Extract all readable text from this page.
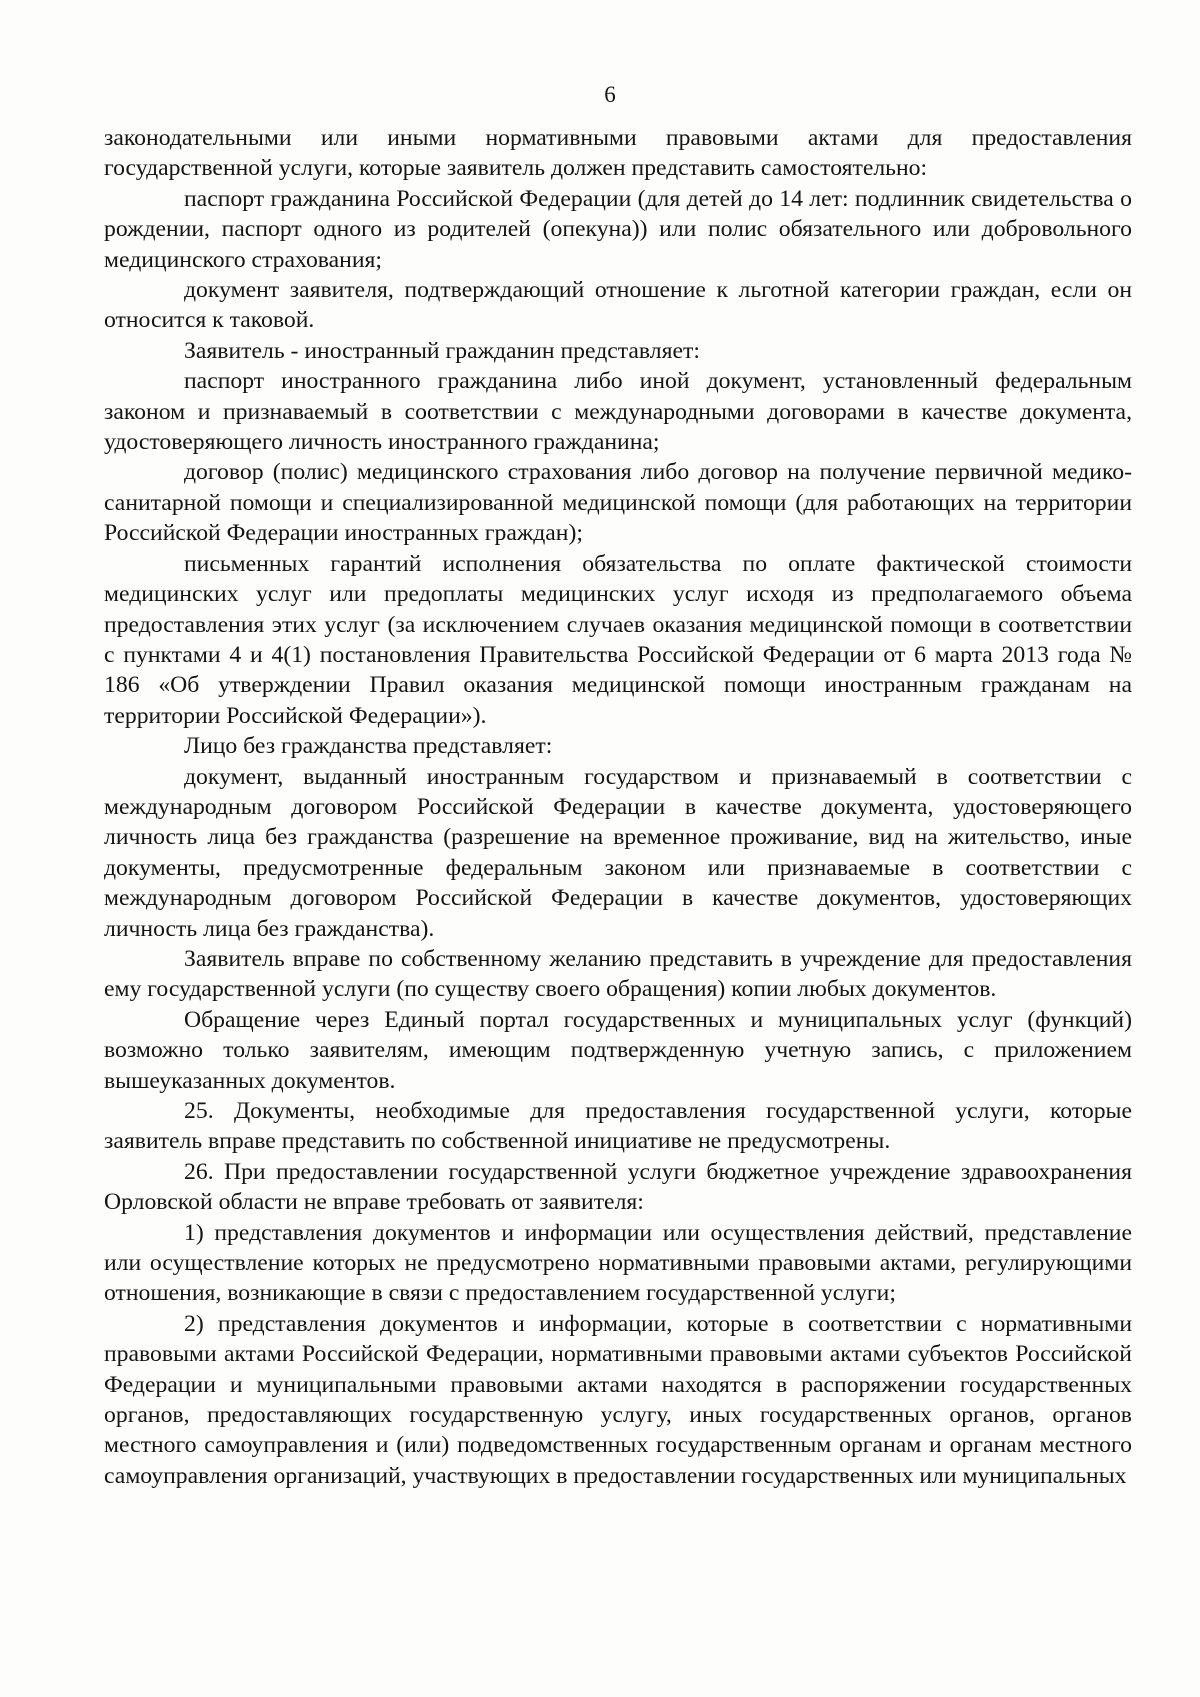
6

законодательными или иными нормативными правовыми актами для предоставления государственной услуги, которые заявитель должен представить самостоятельно:

паспорт гражданина Российской Федерации (для детей до 14 лет: подлинник свидетельства о рождении, паспорт одного из родителей (опекуна)) или полис обязательного или добровольного медицинского страхования;

документ заявителя, подтверждающий отношение к льготной категории граждан, если он относится к таковой.

Заявитель - иностранный гражданин представляет:

паспорт иностранного гражданина либо иной документ, установленный федеральным законом и признаваемый в соответствии с международными договорами в качестве документа, удостоверяющего личность иностранного гражданина;

договор (полис) медицинского страхования либо договор на получение первичной медико-санитарной помощи и специализированной медицинской помощи (для работающих на территории Российской Федерации иностранных граждан);

письменных гарантий исполнения обязательства по оплате фактической стоимости медицинских услуг или предоплаты медицинских услуг исходя из предполагаемого объема предоставления этих услуг (за исключением случаев оказания медицинской помощи в соответствии с пунктами 4 и 4(1) постановления Правительства Российской Федерации от 6 марта 2013 года № 186 «Об утверждении Правил оказания медицинской помощи иностранным гражданам на территории Российской Федерации»).

Лицо без гражданства представляет:

документ, выданный иностранным государством и признаваемый в соответствии с международным договором Российской Федерации в качестве документа, удостоверяющего личность лица без гражданства (разрешение на временное проживание, вид на жительство, иные документы, предусмотренные федеральным законом или признаваемые в соответствии с международным договором Российской Федерации в качестве документов, удостоверяющих личность лица без гражданства).

Заявитель вправе по собственному желанию представить в учреждение для предоставления ему государственной услуги (по существу своего обращения) копии любых документов.

Обращение через Единый портал государственных и муниципальных услуг (функций) возможно только заявителям, имеющим подтвержденную учетную запись, с приложением вышеуказанных документов.

25. Документы, необходимые для предоставления государственной услуги, которые заявитель вправе представить по собственной инициативе не предусмотрены.

26. При предоставлении государственной услуги бюджетное учреждение здравоохранения Орловской области не вправе требовать от заявителя:

1) представления документов и информации или осуществления действий, представление или осуществление которых не предусмотрено нормативными правовыми актами, регулирующими отношения, возникающие в связи с предоставлением государственной услуги;

2) представления документов и информации, которые в соответствии с нормативными правовыми актами Российской Федерации, нормативными правовыми актами субъектов Российской Федерации и муниципальными правовыми актами находятся в распоряжении государственных органов, предоставляющих государственную услугу, иных государственных органов, органов местного самоуправления и (или) подведомственных государственным органам и органам местного самоуправления организаций, участвующих в предоставлении государственных или муниципальных
